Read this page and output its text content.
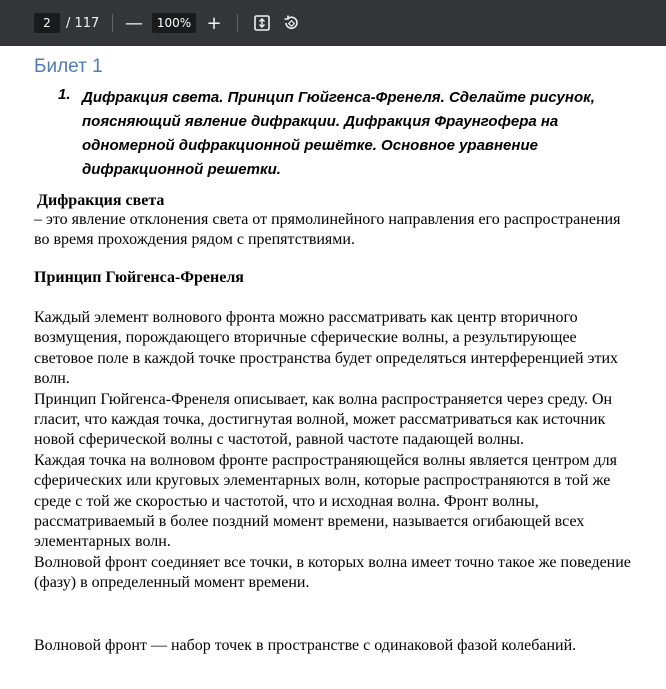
2	/ 117 —	100% +
Билет 1
1. Дифракция света. Принцип Гюйгенса-Френеля. Сделайте рисунок, поясняющий явление дифракции. Дифракция Фраунгофера на одномерной дифракционной решётке. Основное уравнение дифракционной решетки.
Дифракция света
– это явление отклонения света от прямолинейного направления его распространения во время прохождения рядом с препятствиями.
Принцип Гюйгенса-Френеля

Каждый элемент волнового фронта можно рассматривать как центр вторичного возмущения, порождающего вторичные сферические волны, а результирующее световое поле в каждой точке пространства будет определяться интерференцией этих волн.

Принцип Гюйгенса-Френеля описывает, как волна распространяется через среду. Он гласит, что каждая точка, достигнутая волной, может рассматриваться как источник новой сферической волны с частотой, равной частоте падающей волны.

Каждая точка на волновом фронте распространяющейся волны является центром для сферических или круговых элементарных волн, которые распространяются в той же среде с той же скоростью и частотой, что и исходная волна. Фронт волны, рассматриваемый в более поздний момент времени, называется огибающей всех элементарных волн.

Волновой фронт соединяет все точки, в которых волна имеет точно такое же поведение (фазу) в определенный момент времени.

Волновой фронт — набор точек в пространстве с одинаковой фазой колебаний.
